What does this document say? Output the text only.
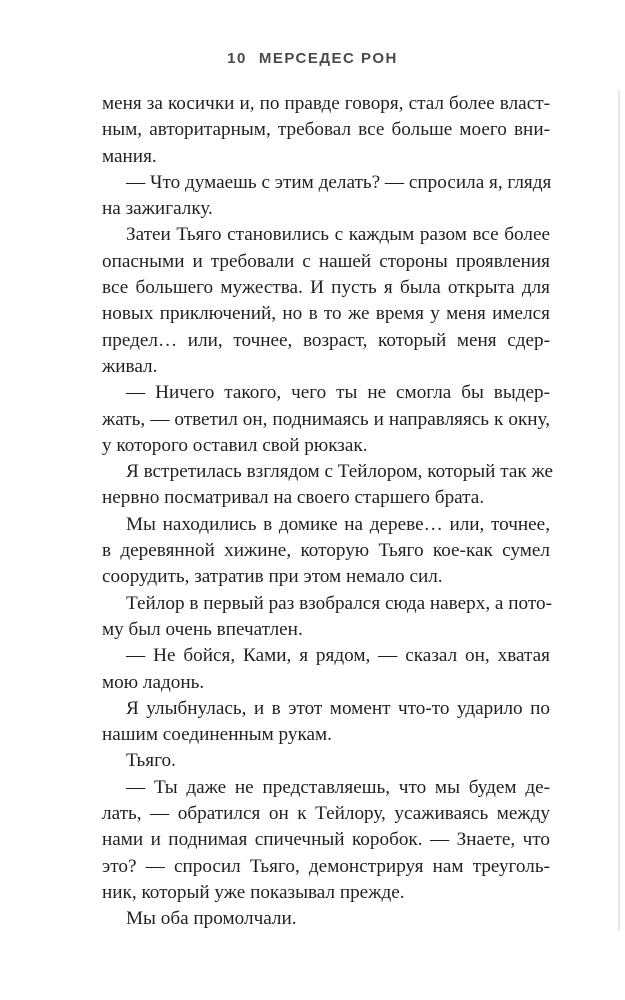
10 МЕРСЕДЕС РОН
меня за косички и, по правде говоря, стал более власт-
ным, авторитарным, требовал все больше моего вни-
мания.
— Что думаешь с этим делать? — спросила я, глядя
на зажигалку.
Затеи Тьяго становились с каждым разом все более
опасными и требовали с нашей стороны проявления
все большего мужества. И пусть я была открыта для
новых приключений, но в то же время у меня имелся
предел… или, точнее, возраст, который меня сдер-
живал.
— Ничего такого, чего ты не смогла бы выдер-
жать, — ответил он, поднимаясь и направляясь к окну,
у которого оставил свой рюкзак.
Я встретилась взглядом с Тейлором, который так же
нервно посматривал на своего старшего брата.
Мы находились в домике на дереве… или, точнее,
в деревянной хижине, которую Тьяго кое-как сумел
соорудить, затратив при этом немало сил.
Тейлор в первый раз взобрался сюда наверх, а пото-
му был очень впечатлен.
— Не бойся, Ками, я рядом, — сказал он, хватая
мою ладонь.
Я улыбнулась, и в этот момент что-то ударило по
нашим соединенным рукам.
Тьяго.
— Ты даже не представляешь, что мы будем де-
лать, — обратился он к Тейлору, усаживаясь между
нами и поднимая спичечный коробок. — Знаете, что
это? — спросил Тьяго, демонстрируя нам треуголь-
ник, который уже показывал прежде.
Мы оба промолчали.
